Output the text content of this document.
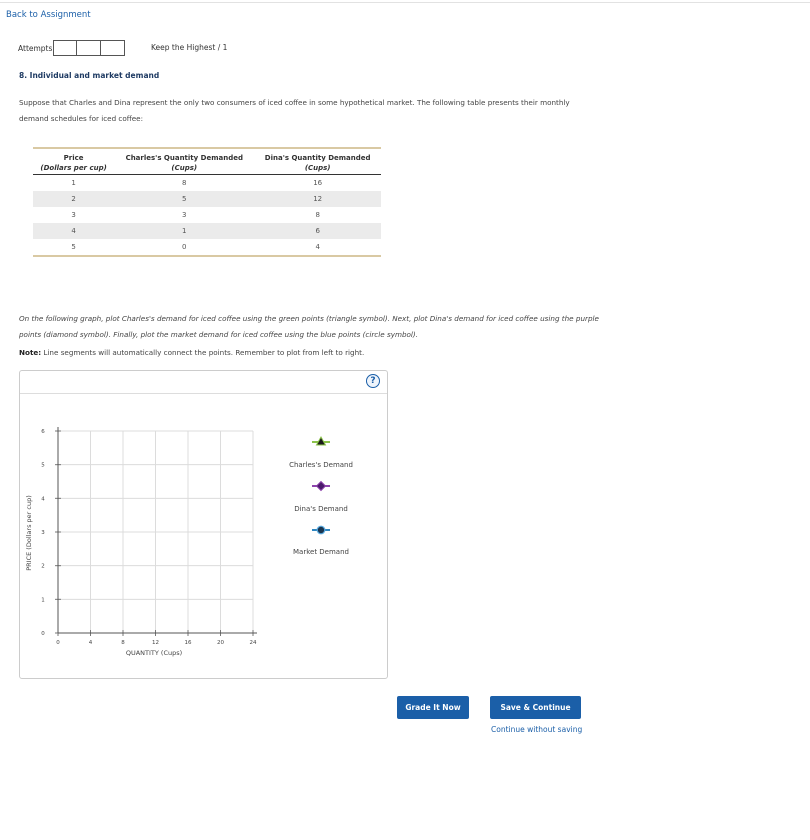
Back to Assignment
Attempts	Keep the Highest / 1
8. Individual and market demand
Suppose that Charles and Dina represent the only two consumers of iced coffee in some hypothetical market. The following table presents their monthly demand schedules for iced coffee:
Price	Charles's Quantity Demanded	Dina's Quantity Demanded
(Dollars per cup)	(Cups)	(Cups)
1	8	16
2	5	12
3	3	8
4	1	6
5	0	4
On the following graph, plot Charles's demand for iced coffee using the green points (triangle symbol). Next, plot Dina's demand for iced coffee using the purple points (diamond symbol). Finally, plot the market demand for iced coffee using the blue points (circle symbol).
Note: Line segments will automatically connect the points. Remember to plot from left to right.
?
0	4	8	12	16	20	24
0
1
2
3
4
5
6
QUANTITY (Cups)
PRICE (Dollars per cup)
Charles's Demand
Dina's Demand
Market Demand
Grade It Now	Save & Continue
Continue without saving
